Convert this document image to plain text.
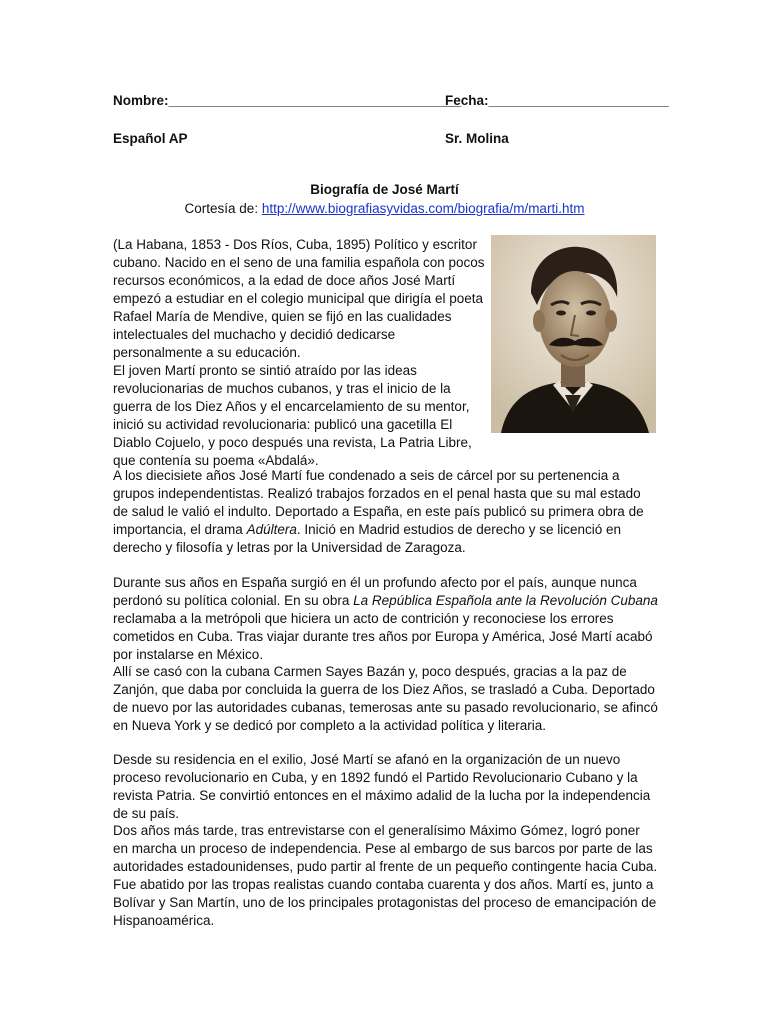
Nombre:_______________________________________
Fecha:________________________
Español AP	Sr. Molina
Biografía de José Martí
Cortesía de: http://www.biografiasyvidas.com/biografia/m/marti.htm

(La Habana, 1853 - Dos Ríos, Cuba, 1895) Político y escritor cubano. Nacido en el seno de una familia española con pocos recursos económicos, a la edad de doce años José Martí empezó a estudiar en el colegio municipal que dirigía el poeta Rafael María de Mendive, quien se fijó en las cualidades intelectuales del muchacho y decidió dedicarse personalmente a su educación.

El joven Martí pronto se sintió atraído por las ideas revolucionarias de muchos cubanos, y tras el inicio de la guerra de los Diez Años y el encarcelamiento de su mentor, inició su actividad revolucionaria: publicó una gacetilla El Diablo Cojuelo, y poco después una revista, La Patria Libre, que contenía su poema «Abdalá».

A los diecisiete años José Martí fue condenado a seis de cárcel por su pertenencia a grupos independentistas. Realizó trabajos forzados en el penal hasta que su mal estado de salud le valió el indulto. Deportado a España, en este país publicó su primera obra de importancia, el drama Adúltera. Inició en Madrid estudios de derecho y se licenció en derecho y filosofía y letras por la Universidad de Zaragoza.

Durante sus años en España surgió en él un profundo afecto por el país, aunque nunca perdonó su política colonial. En su obra La República Española ante la Revolución Cubana reclamaba a la metrópoli que hiciera un acto de contrición y reconociese los errores cometidos en Cuba. Tras viajar durante tres años por Europa y América, José Martí acabó por instalarse en México.

Allí se casó con la cubana Carmen Sayes Bazán y, poco después, gracias a la paz de Zanjón, que daba por concluida la guerra de los Diez Años, se trasladó a Cuba. Deportado de nuevo por las autoridades cubanas, temerosas ante su pasado revolucionario, se afincó en Nueva York y se dedicó por completo a la actividad política y literaria.

Desde su residencia en el exilio, José Martí se afanó en la organización de un nuevo proceso revolucionario en Cuba, y en 1892 fundó el Partido Revolucionario Cubano y la revista Patria. Se convirtió entonces en el máximo adalid de la lucha por la independencia de su país.

Dos años más tarde, tras entrevistarse con el generalísimo Máximo Gómez, logró poner en marcha un proceso de independencia. Pese al embargo de sus barcos por parte de las autoridades estadounidenses, pudo partir al frente de un pequeño contingente hacia Cuba. Fue abatido por las tropas realistas cuando contaba cuarenta y dos años. Martí es, junto a Bolívar y San Martín, uno de los principales protagonistas del proceso de emancipación de Hispanoamérica.
